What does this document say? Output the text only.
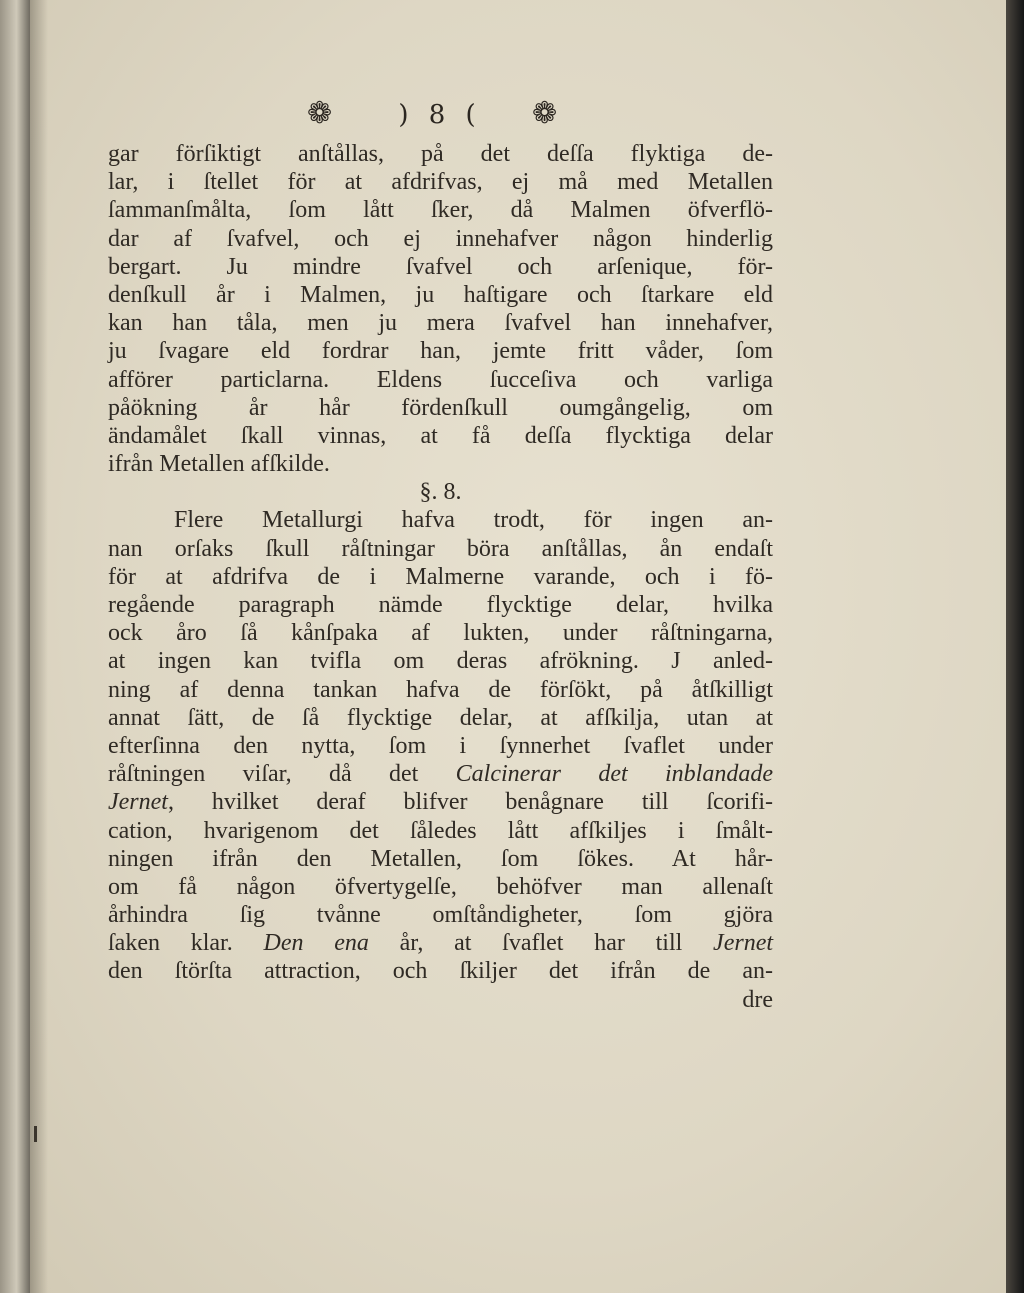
❁	) 8 (	❁
gar förſiktigt anſtållas, på det deſſa flyktiga de-
lar, i ſtellet för at afdrifvas, ej må med Metallen
ſammanſmålta, ſom lått ſker, då Malmen öfverflö-
dar af ſvafvel, och ej innehafver någon hinderlig
bergart. Ju mindre ſvafvel och arſenique, för-
denſkull år i Malmen, ju haſtigare och ſtarkare eld
kan han tåla, men ju mera ſvafvel han innehafver,
ju ſvagare eld fordrar han, jemte fritt våder, ſom
afförer particlarna. Eldens ſucceſiva och varliga
påökning år hår fördenſkull oumgångelig, om
ändamålet ſkall vinnas, at få deſſa flycktiga delar
ifrån Metallen afſkilde.
§. 8.
Flere Metallurgi hafva trodt, för ingen an-
nan orſaks ſkull råſtningar böra anſtållas, ån endaſt
för at afdrifva de i Malmerne varande, och i fö-
regående paragraph nämde flycktige delar, hvilka
ock åro ſå kånſpaka af lukten, under råſtningarna,
at ingen kan tvifla om deras afrökning. J anled-
ning af denna tankan hafva de förſökt, på åtſkilligt
annat ſätt, de ſå flycktige delar, at afſkilja, utan at
efterſinna den nytta, ſom i ſynnerhet ſvaflet under
råſtningen viſar, då det Calcinerar det inblandade
Jernet, hvilket deraf blifver benågnare till ſcorifi-
cation, hvarigenom det ſåledes lått afſkiljes i ſmålt-
ningen ifrån den Metallen, ſom ſökes. At hår-
om få någon öfvertygelſe, behöfver man allenaſt
århindra ſig tvånne omſtåndigheter, ſom gjöra
ſaken klar. Den ena år, at ſvaflet har till Jernet
den ſtörſta attraction, och ſkiljer det ifrån de an-
dre
